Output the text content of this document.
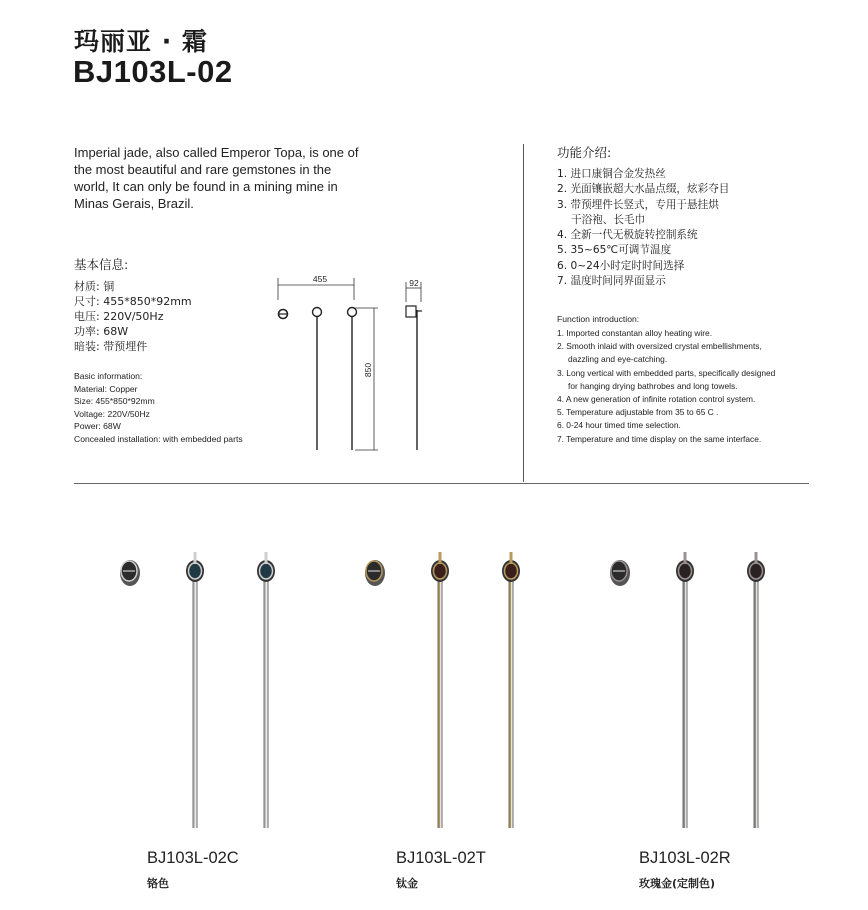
玛丽亚 · 霜
BJ103L-02
Imperial jade, also called Emperor Topa, is one of the most beautiful and rare gemstones in the world, It can only be found in a mining mine in Minas Gerais, Brazil.
基本信息:
材质: 铜
尺寸: 455*850*92mm
电压: 220V/50Hz
功率: 68W
暗装: 带预埋件
Basic information:
Material: Copper
Size: 455*850*92mm
Voltage: 220V/50Hz
Power: 68W
Concealed installation: with embedded parts
455	92
850
功能介绍:
1. 进口康铜合金发热丝
2. 光面镶嵌超大水晶点缀，炫彩夺目
3. 带预埋件长竖式，专用于悬挂烘
干浴袍、长毛巾
4. 全新一代无极旋转控制系统
5. 35~65℃可调节温度
6. 0~24小时定时时间选择
7. 温度时间同界面显示
Function introduction:
1. Imported constantan alloy heating wire.
2. Smooth inlaid with oversized crystal embellishments,
dazzling and eye-catching.
3. Long vertical with embedded parts, specifically designed
for hanging drying bathrobes and long towels.
4. A new generation of infinite rotation control system.
5. Temperature adjustable from 35 to 65 C .
6. 0-24 hour timed time selection.
7. Temperature and time display on the same interface.
BJ103L-02C
铬色
BJ103L-02T
钛金
BJ103L-02R
玫瑰金(定制色)
